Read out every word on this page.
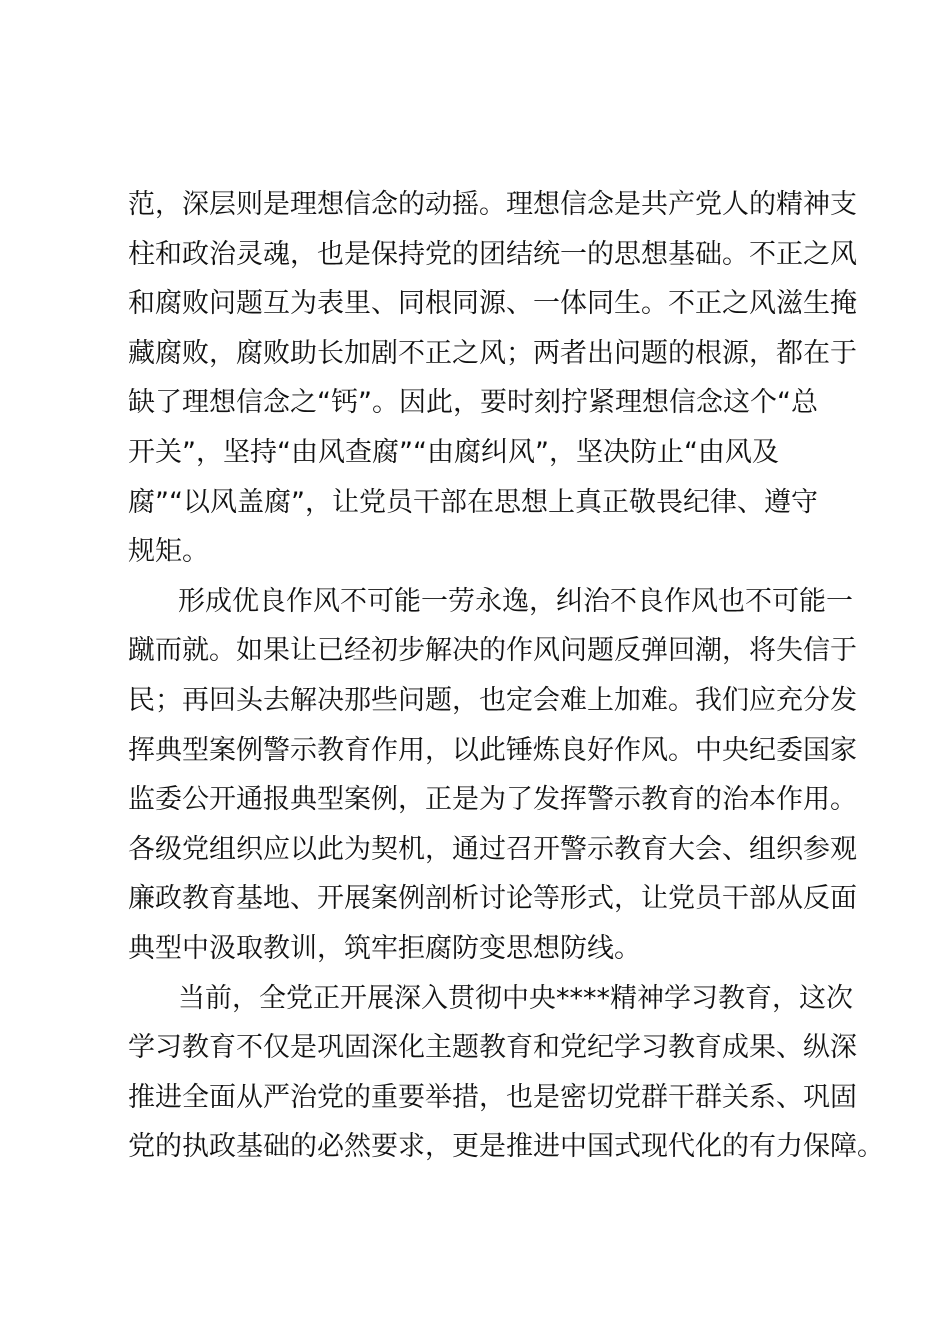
范，深层则是理想信念的动摇。理想信念是共产党人的精神支
柱和政治灵魂，也是保持党的团结统一的思想基础。不正之风
和腐败问题互为表里、同根同源、一体同生。不正之风滋生掩
藏腐败，腐败助长加剧不正之风；两者出问题的根源，都在于
缺了理想信念之“钙”。因此，要时刻拧紧理想信念这个“总
开关”，坚持“由风查腐”“由腐纠风”，坚决防止“由风及
腐”“以风盖腐”，让党员干部在思想上真正敬畏纪律、遵守
规矩。
形成优良作风不可能一劳永逸，纠治不良作风也不可能一
蹴而就。如果让已经初步解决的作风问题反弹回潮，将失信于
民；再回头去解决那些问题，也定会难上加难。我们应充分发
挥典型案例警示教育作用，以此锤炼良好作风。中央纪委国家
监委公开通报典型案例，正是为了发挥警示教育的治本作用。
各级党组织应以此为契机，通过召开警示教育大会、组织参观
廉政教育基地、开展案例剖析讨论等形式，让党员干部从反面
典型中汲取教训，筑牢拒腐防变思想防线。
当前，全党正开展深入贯彻中央****精神学习教育，这次
学习教育不仅是巩固深化主题教育和党纪学习教育成果、纵深
推进全面从严治党的重要举措，也是密切党群干群关系、巩固
党的执政基础的必然要求，更是推进中国式现代化的有力保障。
